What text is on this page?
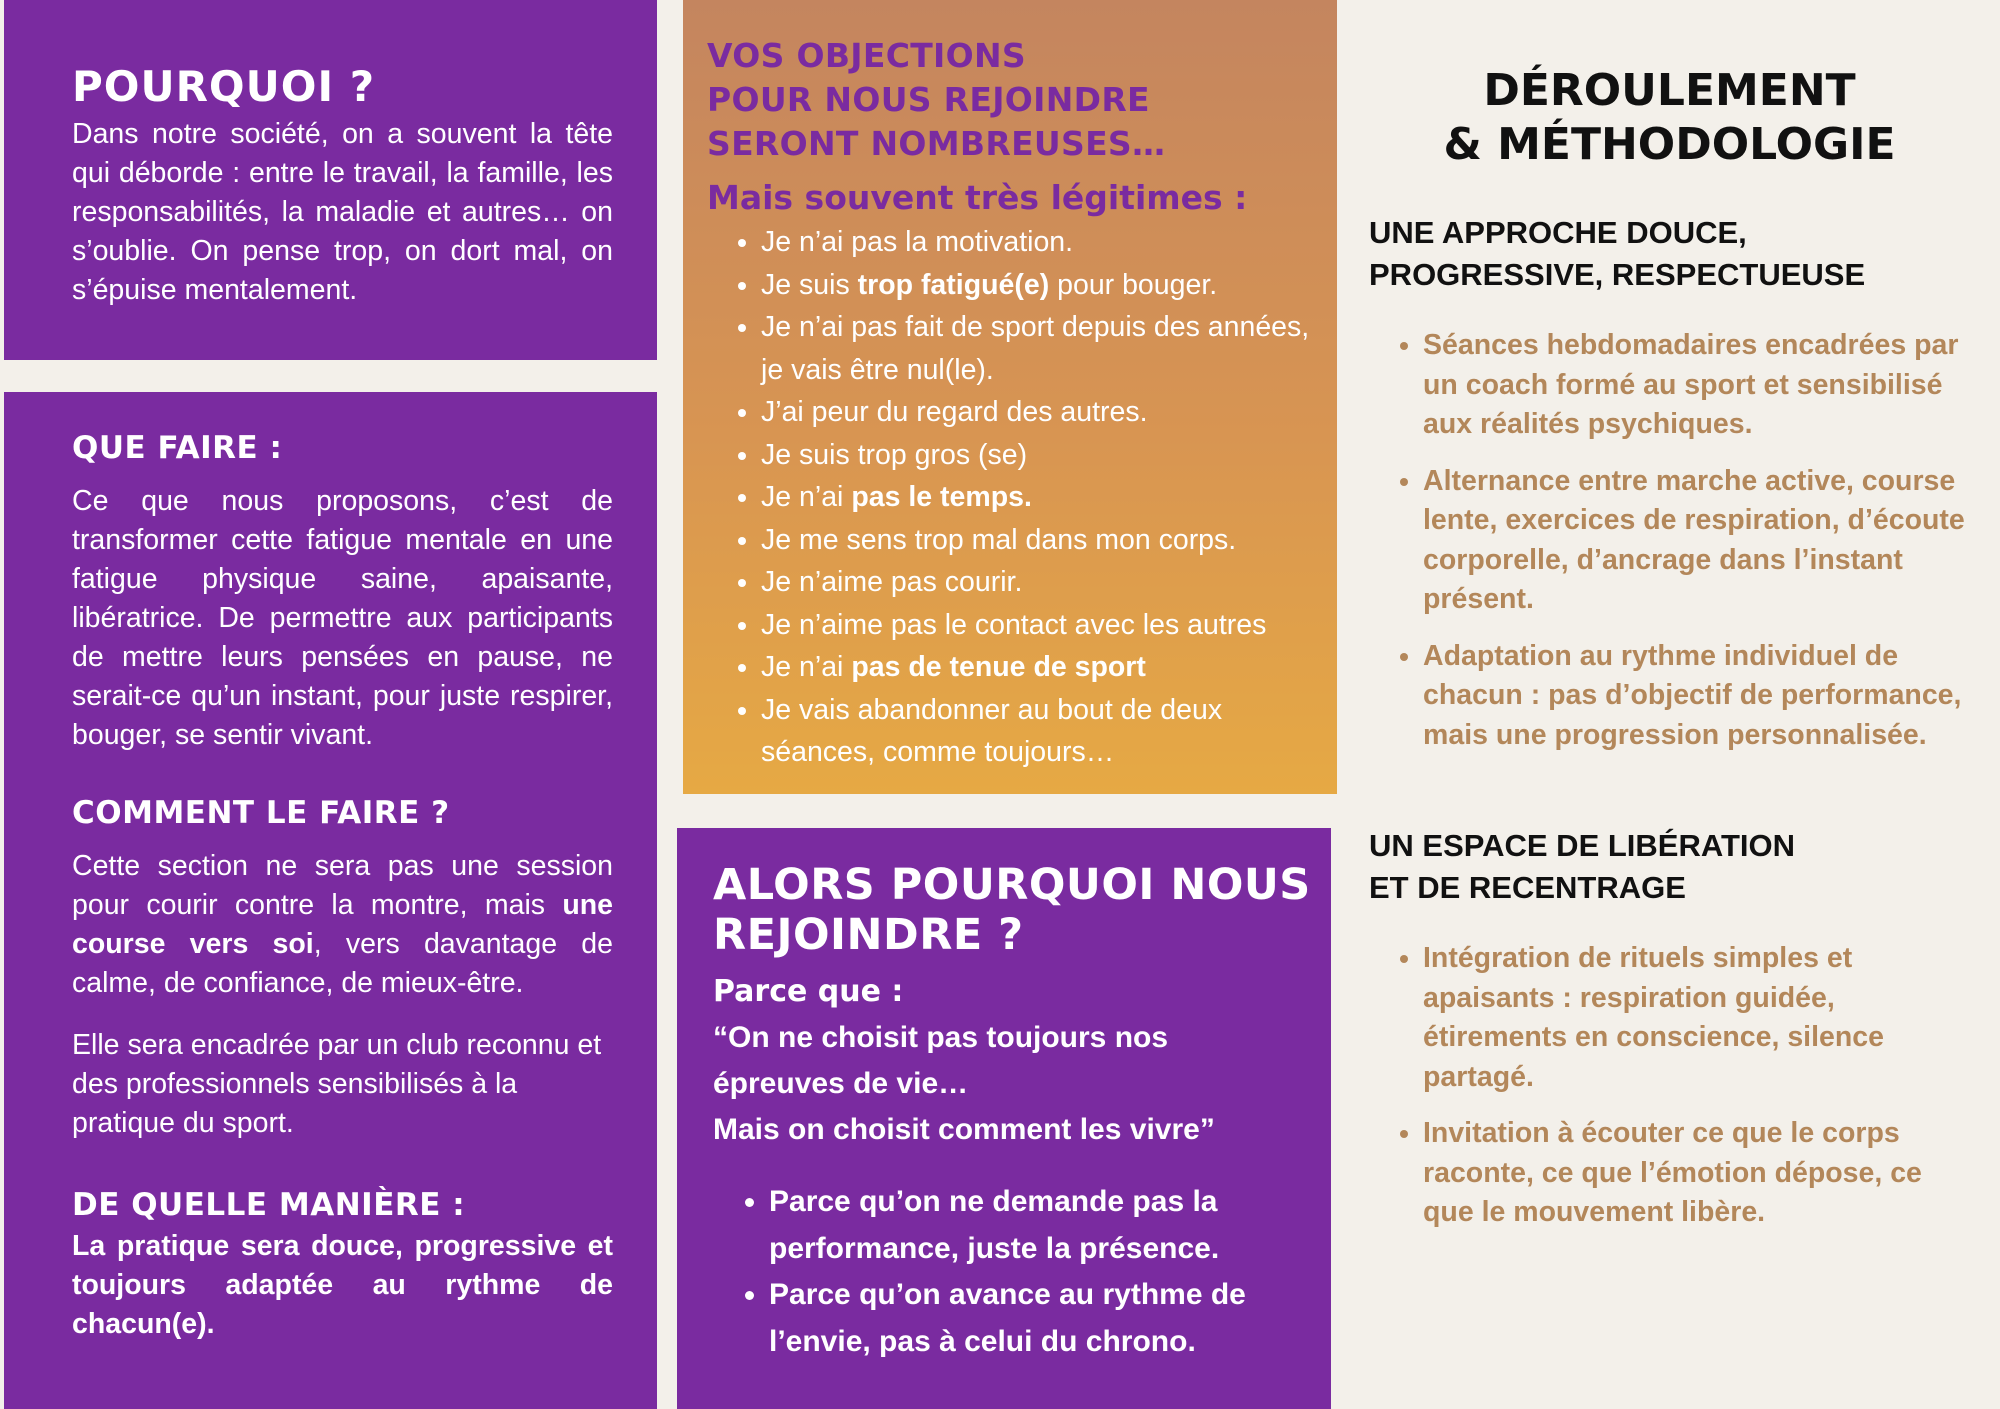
POURQUOI ?

Dans notre société, on a souvent la tête qui déborde : entre le travail, la famille, les responsabilités, la maladie et autres… on s’oublie. On pense trop, on dort mal, on s’épuise mentalement.

QUE FAIRE :

Ce que nous proposons, c’est de transformer cette fatigue mentale en une fatigue physique saine, apaisante, libératrice. De permettre aux participants de mettre leurs pensées en pause, ne serait-ce qu’un instant, pour juste respirer, bouger, se sentir vivant.

COMMENT LE FAIRE ?

Cette section ne sera pas une session pour courir contre la montre, mais une course vers soi, vers davantage de calme, de confiance, de mieux-être.

Elle sera encadrée par un club reconnu et des professionnels sensibilisés à la pratique du sport.

DE QUELLE MANIÈRE :

La pratique sera douce, progressive et toujours adaptée au rythme de chacun(e).

VOS OBJECTIONS
POUR NOUS REJOINDRE
SERONT NOMBREUSES…
Mais souvent très légitimes :
• Je n’ai pas la motivation.
• Je suis trop fatigué(e) pour bouger.
• Je n’ai pas fait de sport depuis des années, je vais être nul(le).
• J’ai peur du regard des autres.
• Je suis trop gros (se)
• Je n’ai pas le temps.
• Je me sens trop mal dans mon corps.
• Je n’aime pas courir.
• Je n’aime pas le contact avec les autres
• Je n’ai pas de tenue de sport
• Je vais abandonner au bout de deux séances, comme toujours…
ALORS POURQUOI NOUS
REJOINDRE ?
Parce que :

“On ne choisit pas toujours nos
épreuves de vie…
Mais on choisit comment les vivre”

• Parce qu’on ne demande pas la performance, juste la présence.
• Parce qu’on avance au rythme de l’envie, pas à celui du chrono.
DÉROULEMENT
& MÉTHODOLOGIE
UNE APPROCHE DOUCE,
PROGRESSIVE, RESPECTUEUSE
• Séances hebdomadaires encadrées par un coach formé au sport et sensibilisé aux réalités psychiques.
• Alternance entre marche active, course lente, exercices de respiration, d’écoute corporelle, d’ancrage dans l’instant présent.
• Adaptation au rythme individuel de chacun : pas d’objectif de performance, mais une progression personnalisée.
UN ESPACE DE LIBÉRATION
ET DE RECENTRAGE
• Intégration de rituels simples et apaisants : respiration guidée, étirements en conscience, silence partagé.
• Invitation à écouter ce que le corps raconte, ce que l’émotion dépose, ce que le mouvement libère.
